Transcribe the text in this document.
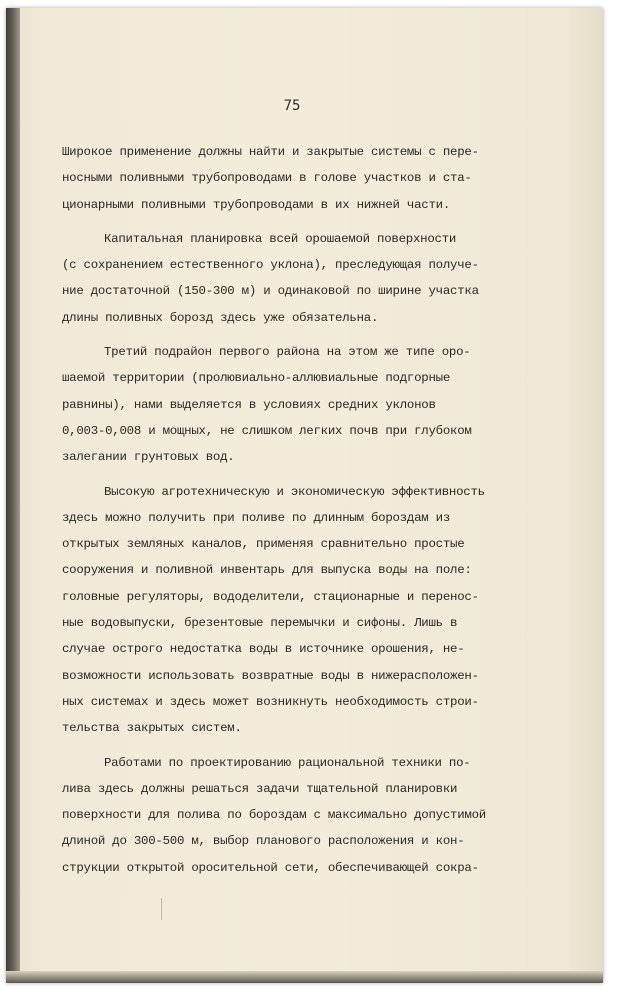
75
Широкое применение должны найти и закрытые системы с пере-
носными поливными трубопроводами в голове участков и ста-
ционарными поливными трубопроводами в их нижней части.
Капитальная планировка всей орошаемой поверхности
(с сохранением естественного уклона), преследующая получе-
ние достаточной (150-300 м) и одинаковой по ширине участка
длины поливных борозд здесь уже обязательна.
Третий подрайон первого района на этом же типе оро-
шаемой территории (пролювиально-аллювиальные подгорные
равнины), нами выделяется в условиях средних уклонов
0,003-0,008 и мощных, не слишком легких почв при глубоком
залегании грунтовых вод.
Высокую агротехническую и экономическую эффективность
здесь можно получить при поливе по длинным бороздам из
открытых земляных каналов, применяя сравнительно простые
сооружения и поливной инвентарь для выпуска воды на поле:
головные регуляторы, вододелители, стационарные и перенос-
ные водовыпуски, брезентовые перемычки и сифоны. Лишь в
случае острого недостатка воды в источнике орошения, не-
возможности использовать возвратные воды в нижерасположен-
ных системах и здесь может возникнуть необходимость строи-
тельства закрытых систем.
Работами по проектированию рациональной техники по-
лива здесь должны решаться задачи тщательной планировки
поверхности для полива по бороздам с максимально допустимой
длиной до 300-500 м, выбор планового расположения и кон-
струкции открытой оросительной сети, обеспечивающей сокра-
